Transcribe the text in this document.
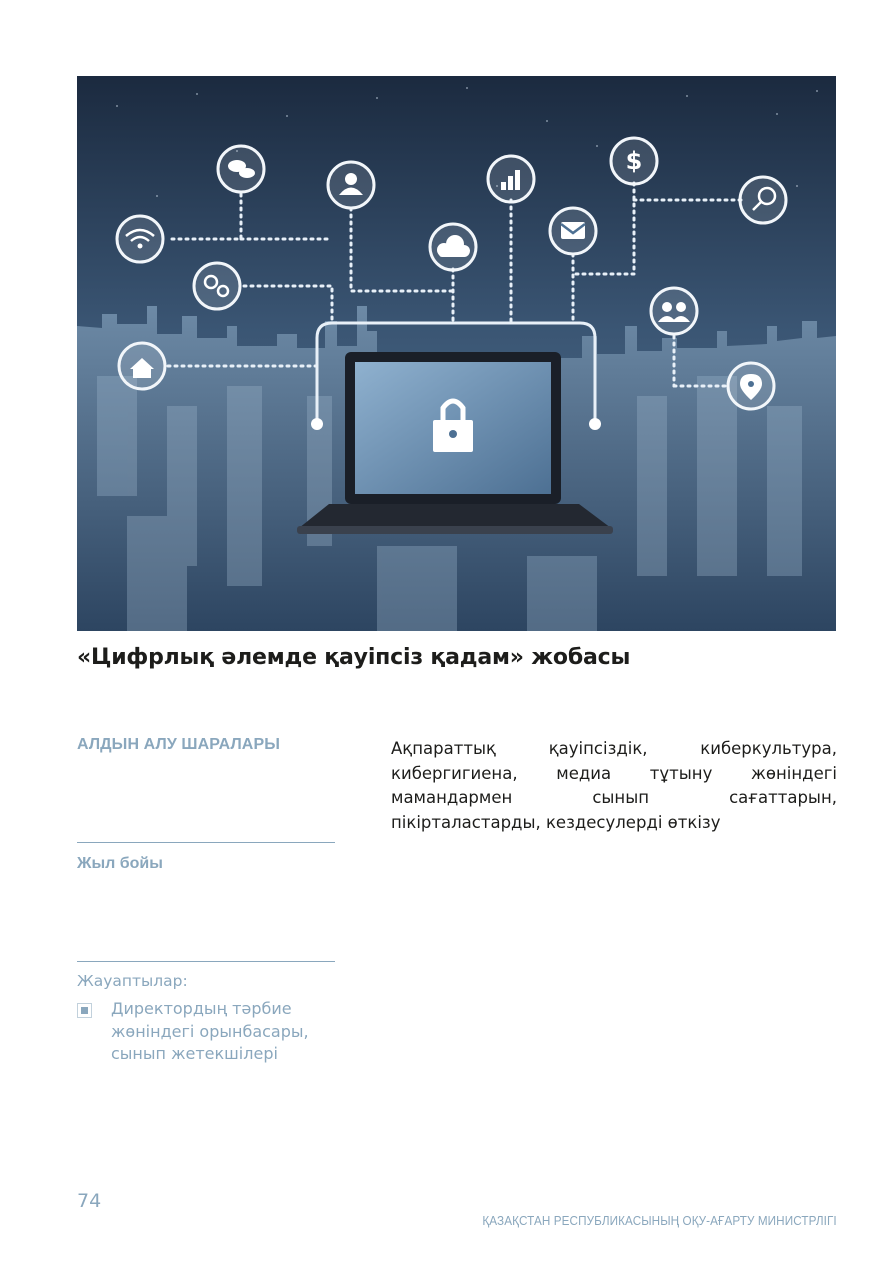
$
«Цифрлық әлемде қауіпсіз қадам» жобасы
АЛДЫН АЛУ ШАРАЛАРЫ	Ақпараттық қауіпсіздік, киберкультура, кибергигиена, медиа тұтыну жөніндегі мамандармен сынып сағаттарын, пікірталастарды, кездесулерді өткізу
Жыл бойы
Жауаптылар:
Директордың тәрбие жөніндегі орынбасары, сынып жетекшілері
74
ҚАЗАҚСТАН РЕСПУБЛИКАСЫНЫҢ ОҚУ-АҒАРТУ МИНИСТРЛІГІ
